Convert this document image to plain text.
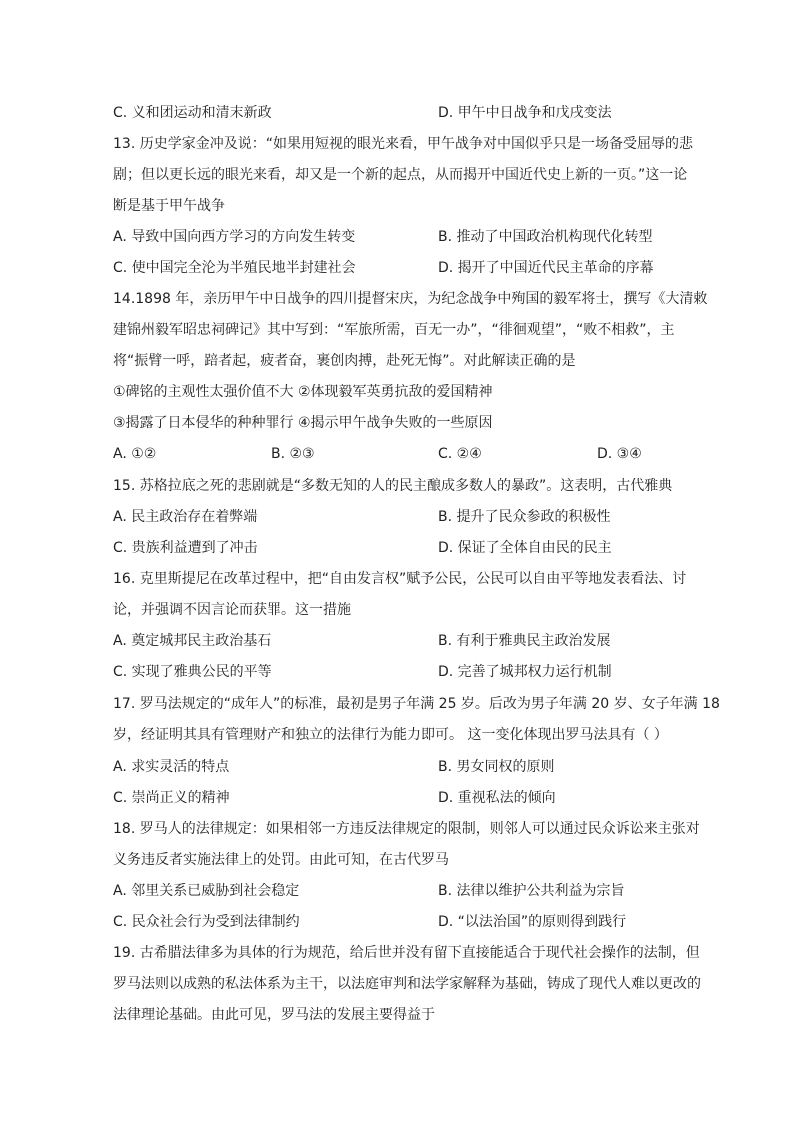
C. 义和团运动和清末新政	D. 甲午中日战争和戊戌变法
13. 历史学家金冲及说：“如果用短视的眼光来看，甲午战争对中国似乎只是一场备受屈辱的悲
剧；但以更长远的眼光来看，却又是一个新的起点，从而揭开中国近代史上新的一页。”这一论
断是基于甲午战争
A. 导致中国向西方学习的方向发生转变	B. 推动了中国政治机构现代化转型
C. 使中国完全沦为半殖民地半封建社会	D. 揭开了中国近代民主革命的序幕
14.1898 年，亲历甲午中日战争的四川提督宋庆，为纪念战争中殉国的毅军将士，撰写《大清敕
建锦州毅军昭忠祠碑记》其中写到：“军旅所需，百无一办”，“徘徊观望”，“败不相救”，主
将“振臂一呼，踣者起，疲者奋，裹创肉搏，赴死无悔”。对此解读正确的是
①碑铭的主观性太强价值不大 ②体现毅军英勇抗敌的爱国精神
③揭露了日本侵华的种种罪行 ④揭示甲午战争失败的一些原因
A. ①②	B. ②③	C. ②④	D. ③④
15. 苏格拉底之死的悲剧就是“多数无知的人的民主酿成多数人的暴政”。这表明，古代雅典
A. 民主政治存在着弊端	B. 提升了民众参政的积极性
C. 贵族利益遭到了冲击	D. 保证了全体自由民的民主
16. 克里斯提尼在改革过程中，把“自由发言权”赋予公民，公民可以自由平等地发表看法、讨
论，并强调不因言论而获罪。这一措施
A. 奠定城邦民主政治基石	B. 有利于雅典民主政治发展
C. 实现了雅典公民的平等	D. 完善了城邦权力运行机制
17. 罗马法规定的“成年人”的标准，最初是男子年满 25 岁。后改为男子年满 20 岁、女子年满 18
岁，经证明其具有管理财产和独立的法律行为能力即可。 这一变化体现出罗马法具有（ ）
A. 求实灵活的特点	B. 男女同权的原则
C. 崇尚正义的精神	D. 重视私法的倾向
18. 罗马人的法律规定：如果相邻一方违反法律规定的限制，则邻人可以通过民众诉讼来主张对
义务违反者实施法律上的处罚。由此可知，在古代罗马
A. 邻里关系已威胁到社会稳定	B. 法律以维护公共利益为宗旨
C. 民众社会行为受到法律制约	D. “以法治国”的原则得到践行
19. 古希腊法律多为具体的行为规范，给后世并没有留下直接能适合于现代社会操作的法制，但
罗马法则以成熟的私法体系为主干，以法庭审判和法学家解释为基础，铸成了现代人难以更改的
法律理论基础。由此可见，罗马法的发展主要得益于
